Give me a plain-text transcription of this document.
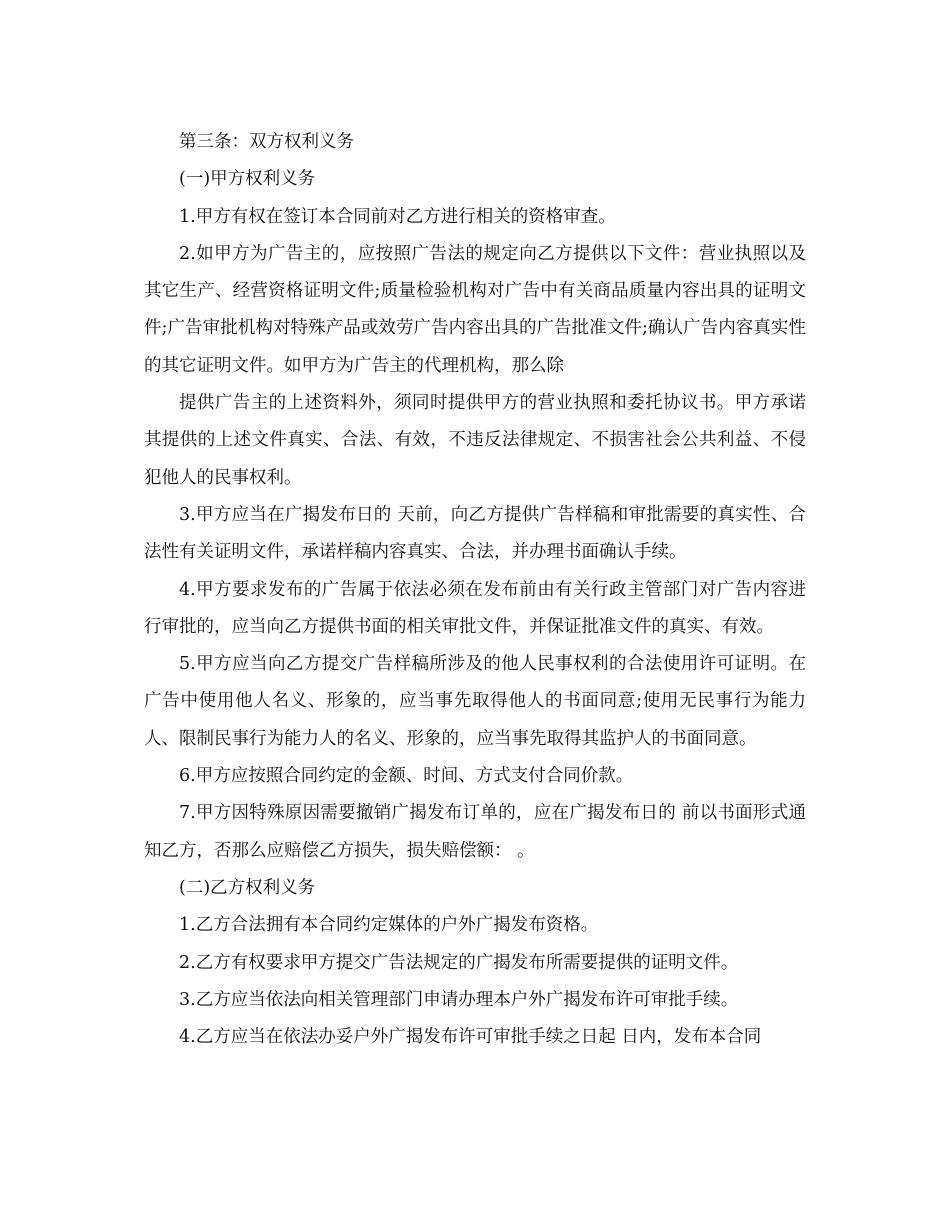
第三条：双方权利义务

(一)甲方权利义务

1.甲方有权在签订本合同前对乙方进行相关的资格审查。

2.如甲方为广告主的，应按照广告法的规定向乙方提供以下文件：营业执照以及其它生产、经营资格证明文件;质量检验机构对广告中有关商品质量内容出具的证明文件;广告审批机构对特殊产品或效劳广告内容出具的广告批准文件;确认广告内容真实性的其它证明文件。如甲方为广告主的代理机构，那么除

提供广告主的上述资料外，须同时提供甲方的营业执照和委托协议书。甲方承诺其提供的上述文件真实、合法、有效，不违反法律规定、不损害社会公共利益、不侵犯他人的民事权利。

3.甲方应当在广揭发布日的 天前，向乙方提供广告样稿和审批需要的真实性、合法性有关证明文件，承诺样稿内容真实、合法，并办理书面确认手续。

4.甲方要求发布的广告属于依法必须在发布前由有关行政主管部门对广告内容进行审批的，应当向乙方提供书面的相关审批文件，并保证批准文件的真实、有效。

5.甲方应当向乙方提交广告样稿所涉及的他人民事权利的合法使用许可证明。在广告中使用他人名义、形象的，应当事先取得他人的书面同意;使用无民事行为能力人、限制民事行为能力人的名义、形象的，应当事先取得其监护人的书面同意。

6.甲方应按照合同约定的金额、时间、方式支付合同价款。

7.甲方因特殊原因需要撤销广揭发布订单的，应在广揭发布日的 前以书面形式通知乙方，否那么应赔偿乙方损失，损失赔偿额： 。

(二)乙方权利义务

1.乙方合法拥有本合同约定媒体的户外广揭发布资格。

2.乙方有权要求甲方提交广告法规定的广揭发布所需要提供的证明文件。

3.乙方应当依法向相关管理部门申请办理本户外广揭发布许可审批手续。

4.乙方应当在依法办妥户外广揭发布许可审批手续之日起 日内，发布本合同
